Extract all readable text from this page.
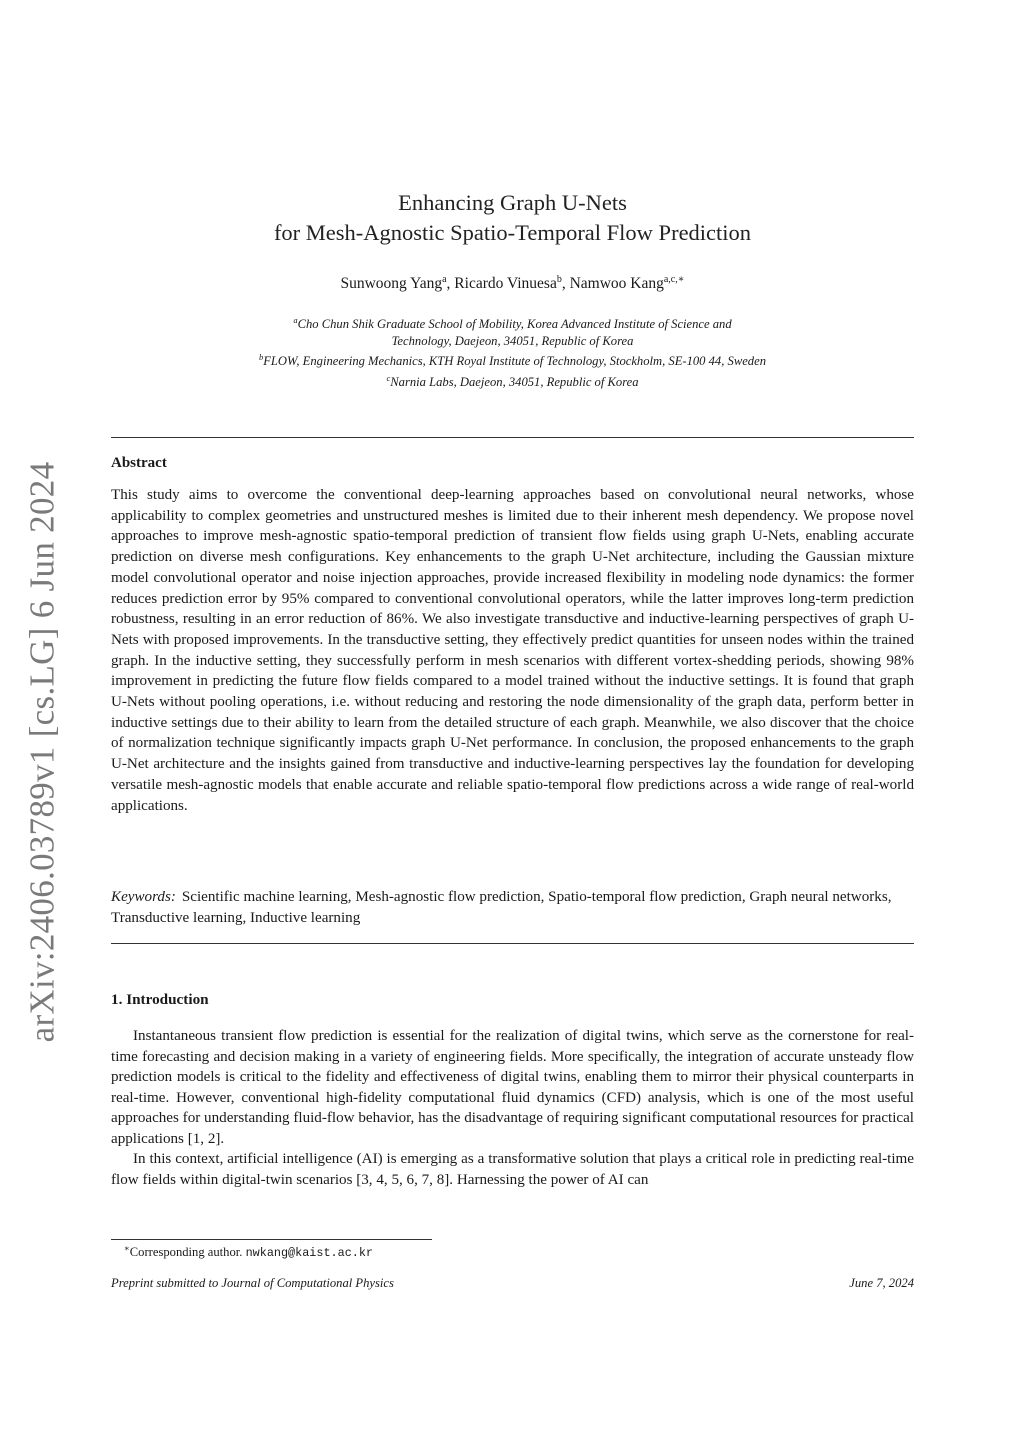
arXiv:2406.03789v1 [cs.LG] 6 Jun 2024
Enhancing Graph U-Nets
for Mesh-Agnostic Spatio-Temporal Flow Prediction
Sunwoong Yang$^a$, Ricardo Vinuesa$^b$, Namwoo Kang$^{a,c,∗}$
$^a$Cho Chun Shik Graduate School of Mobility, Korea Advanced Institute of Science and
Technology, Daejeon, 34051, Republic of Korea
$^b$FLOW, Engineering Mechanics, KTH Royal Institute of Technology, Stockholm, SE-100 44, Sweden
$^c$Narnia Labs, Daejeon, 34051, Republic of Korea
Abstract

This study aims to overcome the conventional deep-learning approaches based on convolutional neural networks, whose applicability to complex geometries and unstructured meshes is limited due to their inherent mesh dependency. We propose novel approaches to improve mesh-agnostic spatio-temporal prediction of transient flow fields using graph U-Nets, enabling accurate prediction on diverse mesh configurations. Key enhancements to the graph U-Net architecture, including the Gaussian mixture model convolutional operator and noise injection approaches, provide increased flexibility in modeling node dynamics: the former reduces prediction error by 95% compared to conventional convolutional operators, while the latter improves long-term prediction robustness, resulting in an error reduction of 86%. We also investigate transductive and inductive-learning perspectives of graph U-Nets with proposed improvements. In the transductive setting, they effectively predict quantities for unseen nodes within the trained graph. In the inductive setting, they successfully perform in mesh scenarios with different vortex-shedding periods, showing 98% improvement in predicting the future flow fields compared to a model trained without the inductive settings. It is found that graph U-Nets without pooling operations, i.e. without reducing and restoring the node dimensionality of the graph data, perform better in inductive settings due to their ability to learn from the detailed structure of each graph. Meanwhile, we also discover that the choice of normalization technique significantly impacts graph U-Net performance. In conclusion, the proposed enhancements to the graph U-Net architecture and the insights gained from transductive and inductive-learning perspectives lay the foundation for developing versatile mesh-agnostic models that enable accurate and reliable spatio-temporal flow predictions across a wide range of real-world applications.

Keywords: Scientific machine learning, Mesh-agnostic flow prediction, Spatio-temporal flow prediction, Graph neural networks, Transductive learning, Inductive learning
1. Introduction

Instantaneous transient flow prediction is essential for the realization of digital twins, which serve as the cornerstone for real-time forecasting and decision making in a variety of engineering fields. More specifically, the integration of accurate unsteady flow prediction models is critical to the fidelity and effectiveness of digital twins, enabling them to mirror their physical counterparts in real-time. However, conventional high-fidelity computational fluid dynamics (CFD) analysis, which is one of the most useful approaches for understanding fluid-flow behavior, has the disadvantage of requiring significant computational resources for practical applications [1, 2].

In this context, artificial intelligence (AI) is emerging as a transformative solution that plays a critical role in predicting real-time flow fields within digital-twin scenarios [3, 4, 5, 6, 7, 8]. Harnessing the power of AI can

∗Corresponding author. nwkang@kaist.ac.kr
Preprint submitted to Journal of Computational Physics	June 7, 2024
